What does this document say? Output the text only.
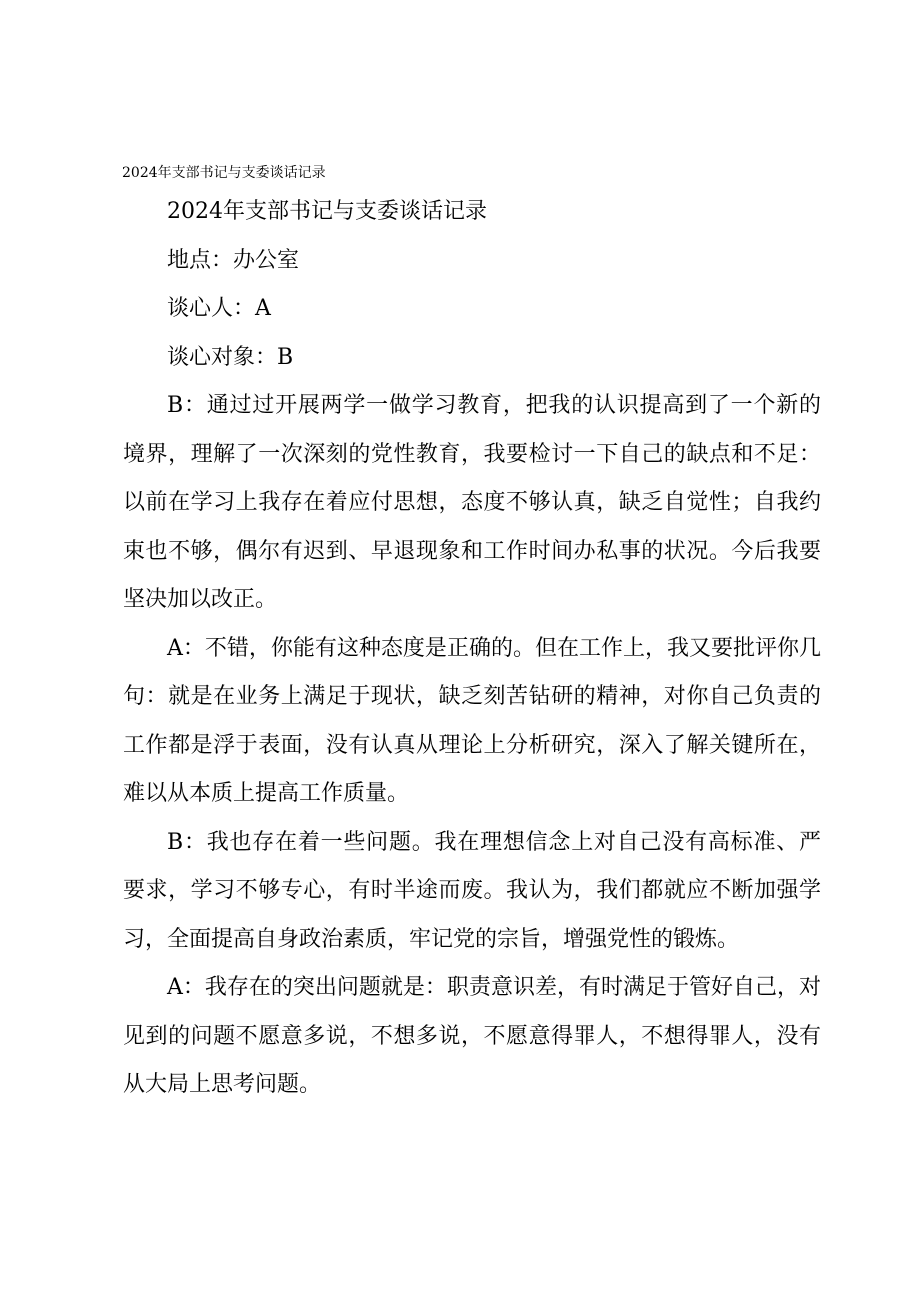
2024年支部书记与支委谈话记录

2024年支部书记与支委谈话记录

地点：办公室

谈心人：A

谈心对象：B

B：通过过开展两学一做学习教育，把我的认识提高到了一个新的境界，理解了一次深刻的党性教育，我要检讨一下自己的缺点和不足：以前在学习上我存在着应付思想，态度不够认真，缺乏自觉性；自我约束也不够，偶尔有迟到、早退现象和工作时间办私事的状况。今后我要坚决加以改正。

A：不错，你能有这种态度是正确的。但在工作上，我又要批评你几句：就是在业务上满足于现状，缺乏刻苦钻研的精神，对你自己负责的工作都是浮于表面，没有认真从理论上分析研究，深入了解关键所在，难以从本质上提高工作质量。

B：我也存在着一些问题。我在理想信念上对自己没有高标准、严要求，学习不够专心，有时半途而废。我认为，我们都就应不断加强学习，全面提高自身政治素质，牢记党的宗旨，增强党性的锻炼。

A：我存在的突出问题就是：职责意识差，有时满足于管好自己，对见到的问题不愿意多说，不想多说，不愿意得罪人，不想得罪人，没有从大局上思考问题。
